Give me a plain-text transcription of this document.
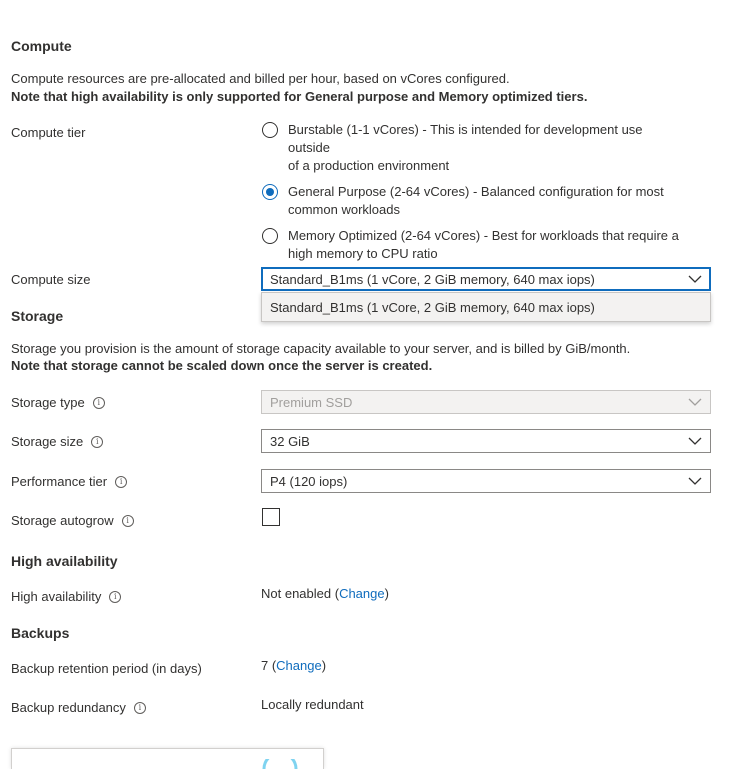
Compute
Compute resources are pre-allocated and billed per hour, based on vCores configured.
Note that high availability is only supported for General purpose and Memory optimized tiers.
Compute tier	Burstable (1-1 vCores) - This is intended for development use outside
of a production environment
General Purpose (2-64 vCores) - Balanced configuration for most
common workloads
Memory Optimized (2-64 vCores) - Best for workloads that require a
high memory to CPU ratio
Compute size	Standard_B1ms (1 vCore, 2 GiB memory, 640 max iops)
Standard_B1ms (1 vCore, 2 GiB memory, 640 max iops)
Storage
Storage you provision is the amount of storage capacity available to your server, and is billed by GiB/month.
Note that storage cannot be scaled down once the server is created.
Storage type	i	Premium SSD
Storage size	i	32 GiB
Performance tier	i	P4 (120 iops)
Storage autogrow	i
High availability
High availability	i	Not enabled (Change)
Backups
Backup retention period (in days)	7 (Change)
Backup redundancy	i	Locally redundant
